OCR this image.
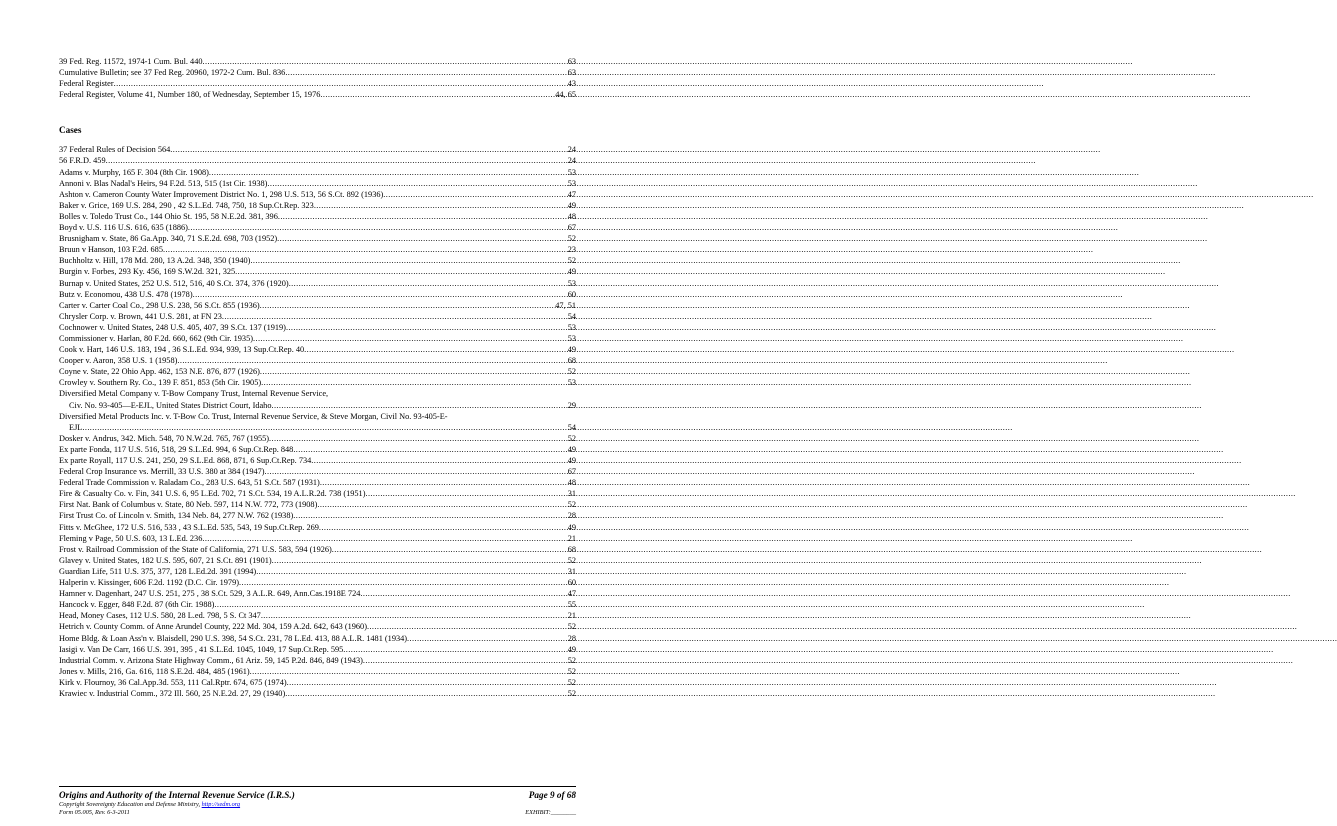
39 Fed. Reg. 11572, 1974-1 Cum. Bul. 440 .....	63
Cumulative Bulletin; see 37 Fed Reg. 20960, 1972-2 Cum. Bul. 836 .....	63
Federal Register .....	43
Federal Register, Volume 41, Number 180, of Wednesday, September 15, 1976 .....	44, 65
Cases
37 Federal Rules of Decision 564 .....	24
56 F.R.D. 459 .....	24
Adams v. Murphy, 165 F. 304 (8th Cir. 1908) .....	53
Annoni v. Blas Nadal's Heirs, 94 F.2d. 513, 515 (1st Cir. 1938) .....	53
Ashton v. Cameron County Water Improvement District No. 1, 298 U.S. 513, 56 S.Ct. 892 (1936) .....	47
Baker v. Grice, 169 U.S. 284, 290 , 42 S.L.Ed. 748, 750, 18 Sup.Ct.Rep. 323 .....	49
Bolles v. Toledo Trust Co., 144 Ohio St. 195, 58 N.E.2d. 381, 396 .....	48
Boyd v. U.S. 116 U.S. 616, 635 (1886) .....	67
Brusnigham v. State, 86 Ga.App. 340, 71 S.E.2d. 698, 703 (1952) .....	52
Bruun v Hanson, 103 F.2d. 685 .....	23
Buchholtz v. Hill, 178 Md. 280, 13 A.2d. 348, 350 (1940) .....	52
Burgin v. Forbes, 293 Ky. 456, 169 S.W.2d. 321, 325 .....	49
Burnap v. United States, 252 U.S. 512, 516, 40 S.Ct. 374, 376 (1920) .....	53
Butz v. Economou, 438 U.S. 478 (1978) .....	60
Carter v. Carter Coal Co., 298 U.S. 238, 56 S.Ct. 855 (1936) .....	47, 51
Chrysler Corp. v. Brown, 441 U.S. 281, at FN 23 .....	54
Cochnower v. United States, 248 U.S. 405, 407, 39 S.Ct. 137 (1919) .....	53
Commissioner v. Harlan, 80 F.2d. 660, 662 (9th Cir. 1935) .....	53
Cook v. Hart, 146 U.S. 183, 194 , 36 S.L.Ed. 934, 939, 13 Sup.Ct.Rep. 40 .....	49
Cooper v. Aaron, 358 U.S. 1 (1958) .....	68
Coyne v. State, 22 Ohio App. 462, 153 N.E. 876, 877 (1926) .....	52
Crowley v. Southern Ry. Co., 139 F. 851, 853 (5th Cir. 1905) .....	53
Diversified Metal Company v. T-Bow Company Trust, Internal Revenue Service,
Civ. No. 93-405—E-EJL, United States District Court, Idaho .....	29
Diversified Metal Products Inc. v. T-Bow Co. Trust, Internal Revenue Service, & Steve Morgan, Civil No. 93-405-E-
EJL .....	54
Dosker v. Andrus, 342. Mich. 548, 70 N.W.2d. 765, 767 (1955) .....	52
Ex parte Fonda, 117 U.S. 516, 518, 29 S.L.Ed. 994, 6 Sup.Ct.Rep. 848 .....	49
Ex parte Royall, 117 U.S. 241, 250, 29 S.L.Ed. 868, 871, 6 Sup.Ct.Rep. 734 .....	49
Federal Crop Insurance vs. Merrill, 33 U.S. 380 at 384 (1947) .....	67
Federal Trade Commission v. Raladam Co., 283 U.S. 643, 51 S.Ct. 587 (1931) .....	48
Fire & Casualty Co. v. Fin, 341 U.S. 6, 95 L.Ed. 702, 71 S.Ct. 534, 19 A.L.R.2d. 738 (1951) .....	31
First Nat. Bank of Columbus v. State, 80 Neb. 597, 114 N.W. 772, 773 (1908) .....	52
First Trust Co. of Lincoln v. Smith, 134 Neb. 84, 277 N.W. 762 (1938) .....	28
Fitts v. McGhee, 172 U.S. 516, 533 , 43 S.L.Ed. 535, 543, 19 Sup.Ct.Rep. 269 .....	49
Fleming v Page, 50 U.S. 603, 13 L.Ed. 236 .....	21
Frost v. Railroad Commission of the State of California, 271 U.S. 583, 594 (1926) .....	68
Glavey v. United States, 182 U.S. 595, 607, 21 S.Ct. 891 (1901) .....	52
Guardian Life, 511 U.S. 375, 377, 128 L.Ed.2d. 391 (1994) .....	31
Halperin v. Kissinger, 606 F.2d. 1192 (D.C. Cir. 1979) .....	60
Hamner v. Dagenhart, 247 U.S. 251, 275 , 38 S.Ct. 529, 3 A.L.R. 649, Ann.Cas.1918E 724 .....	47
Hancock v. Egger, 848 F.2d. 87 (6th Cir. 1988) .....	55
Head, Money Cases, 112 U.S. 580, 28 L.ed. 798, 5 S. Ct 347 .....	21
Hetrich v. County Comm. of Anne Arundel County, 222 Md. 304, 159 A.2d. 642, 643 (1960) .....	52
Home Bldg. & Loan Ass'n v. Blaisdell, 290 U.S. 398, 54 S.Ct. 231, 78 L.Ed. 413, 88 A.L.R. 1481 (1934) .....	28
Iasigi v. Van De Carr, 166 U.S. 391, 395 , 41 S.L.Ed. 1045, 1049, 17 Sup.Ct.Rep. 595 .....	49
Industrial Comm. v. Arizona State Highway Comm., 61 Ariz. 59, 145 P.2d. 846, 849 (1943) .....	52
Jones v. Mills, 216, Ga. 616, 118 S.E.2d. 484, 485 (1961) .....	52
Kirk v. Flournoy, 36 Cal.App.3d. 553, 111 Cal.Rptr. 674, 675 (1974) .....	52
Krawiec v. Industrial Comm., 372 Ill. 560, 25 N.E.2d. 27, 29 (1940) .....	52
Origins and Authority of the Internal Revenue Service (I.R.S.)	Page 9 of 68
Copyright Sovereignty Education and Defense Ministry, http://sedm.org
Form 05.005, Rev. 6-3-2011	EXHIBIT:________
